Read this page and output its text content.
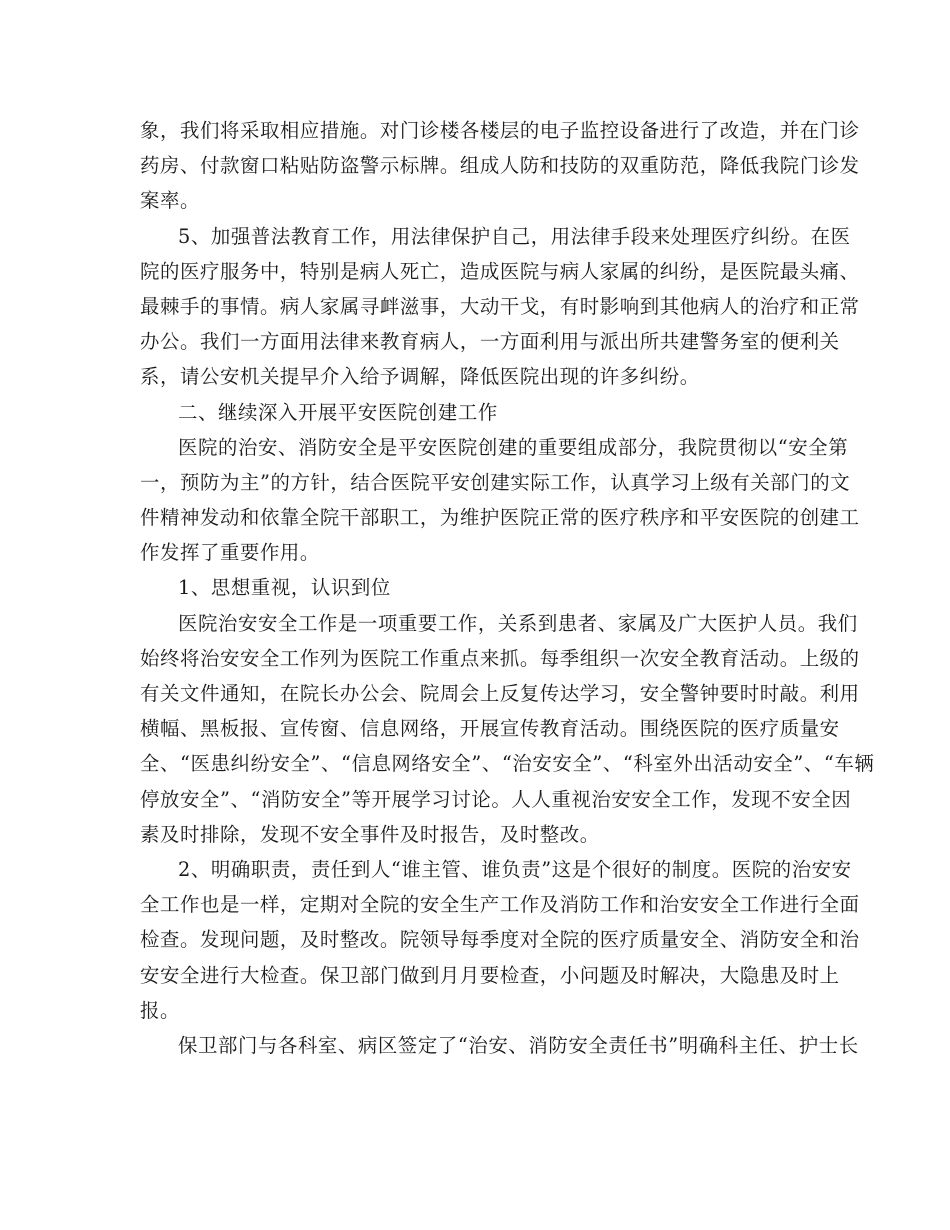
象，我们将采取相应措施。对门诊楼各楼层的电子监控设备进行了改造，并在门诊
药房、付款窗口粘贴防盗警示标牌。组成人防和技防的双重防范，降低我院门诊发
案率。

5、加强普法教育工作，用法律保护自己，用法律手段来处理医疗纠纷。在医
院的医疗服务中，特别是病人死亡，造成医院与病人家属的纠纷，是医院最头痛、
最棘手的事情。病人家属寻衅滋事，大动干戈，有时影响到其他病人的治疗和正常
办公。我们一方面用法律来教育病人，一方面利用与派出所共建警务室的便利关
系，请公安机关提早介入给予调解，降低医院出现的许多纠纷。

二、继续深入开展平安医院创建工作

医院的治安、消防安全是平安医院创建的重要组成部分，我院贯彻以“安全第
一，预防为主”的方针，结合医院平安创建实际工作，认真学习上级有关部门的文
件精神发动和依靠全院干部职工，为维护医院正常的医疗秩序和平安医院的创建工
作发挥了重要作用。

1、思想重视，认识到位

医院治安安全工作是一项重要工作，关系到患者、家属及广大医护人员。我们
始终将治安安全工作列为医院工作重点来抓。每季组织一次安全教育活动。上级的
有关文件通知，在院长办公会、院周会上反复传达学习，安全警钟要时时敲。利用
横幅、黑板报、宣传窗、信息网络，开展宣传教育活动。围绕医院的医疗质量安
全、“医患纠纷安全”、“信息网络安全”、“治安安全”、“科室外出活动安全”、“车辆
停放安全”、“消防安全”等开展学习讨论。人人重视治安安全工作，发现不安全因
素及时排除，发现不安全事件及时报告，及时整改。

2、明确职责，责任到人“谁主管、谁负责”这是个很好的制度。医院的治安安
全工作也是一样，定期对全院的安全生产工作及消防工作和治安安全工作进行全面
检查。发现问题，及时整改。院领导每季度对全院的医疗质量安全、消防安全和治
安安全进行大检查。保卫部门做到月月要检查，小问题及时解决，大隐患及时上
报。

保卫部门与各科室、病区签定了“治安、消防安全责任书”明确科主任、护士长
